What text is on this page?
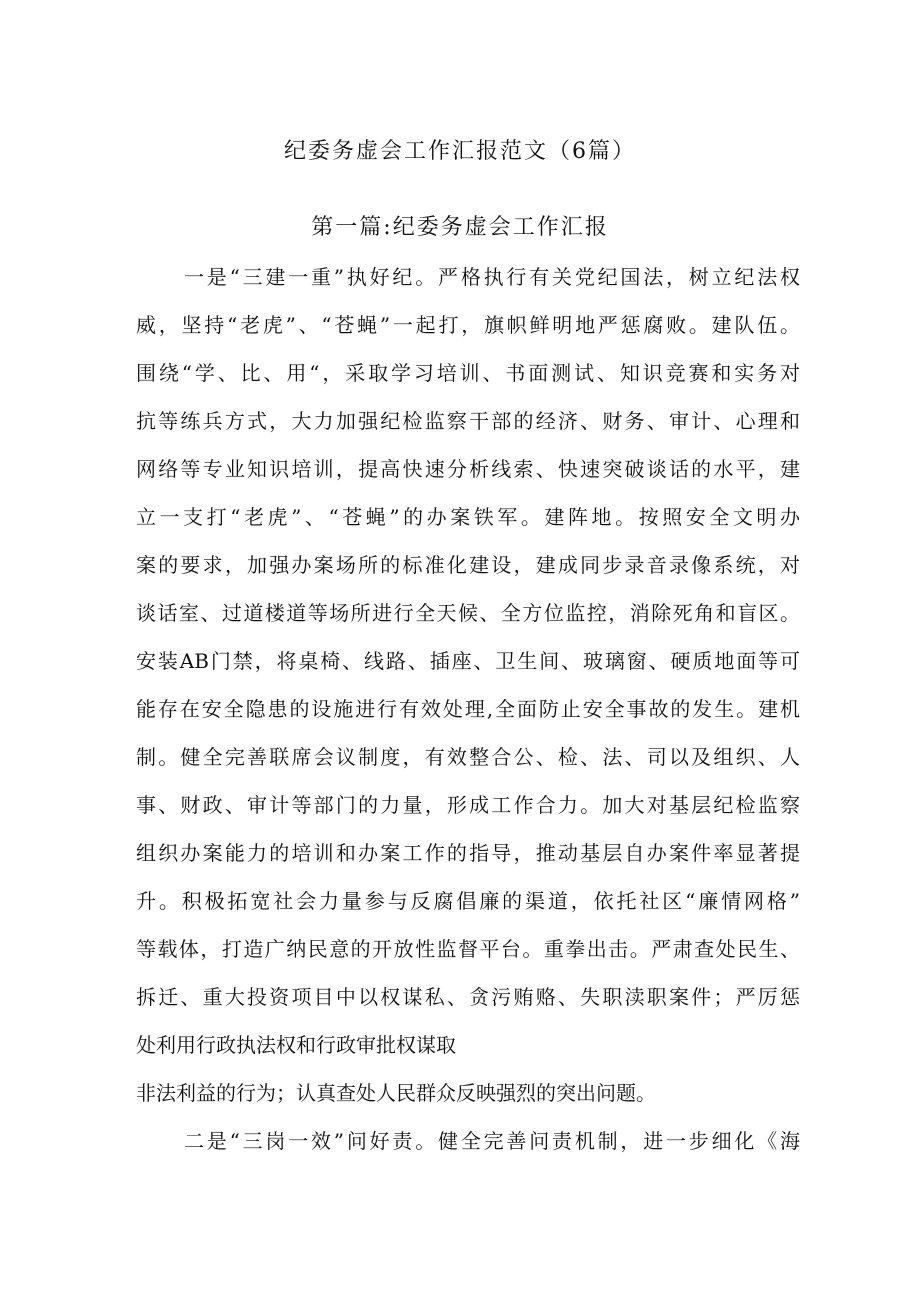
纪委务虚会工作汇报范文（6篇）
第一篇:纪委务虚会工作汇报
一是“三建一重”执好纪。严格执行有关党纪国法，树立纪法权
威，坚持“老虎”、“苍蝇”一起打，旗帜鲜明地严惩腐败。建队伍。
围绕“学、比、用“，采取学习培训、书面测试、知识竞赛和实务对
抗等练兵方式，大力加强纪检监察干部的经济、财务、审计、心理和
网络等专业知识培训，提高快速分析线索、快速突破谈话的水平，建
立一支打“老虎”、“苍蝇”的办案铁军。建阵地。按照安全文明办
案的要求，加强办案场所的标准化建设，建成同步录音录像系统，对
谈话室、过道楼道等场所进行全天候、全方位监控，消除死角和盲区。
安装AB门禁，将桌椅、线路、插座、卫生间、玻璃窗、硬质地面等可
能存在安全隐患的设施进行有效处理,全面防止安全事故的发生。建机
制。健全完善联席会议制度，有效整合公、检、法、司以及组织、人
事、财政、审计等部门的力量，形成工作合力。加大对基层纪检监察
组织办案能力的培训和办案工作的指导，推动基层自办案件率显著提
升。积极拓宽社会力量参与反腐倡廉的渠道，依托社区“廉情网格”
等载体，打造广纳民意的开放性监督平台。重拳出击。严肃查处民生、
拆迁、重大投资项目中以权谋私、贪污贿赂、失职渎职案件；严厉惩
处利用行政执法权和行政审批权谋取
非法利益的行为；认真查处人民群众反映强烈的突出问题。
二是“三岗一效”问好责。健全完善问责机制，进一步细化《海
